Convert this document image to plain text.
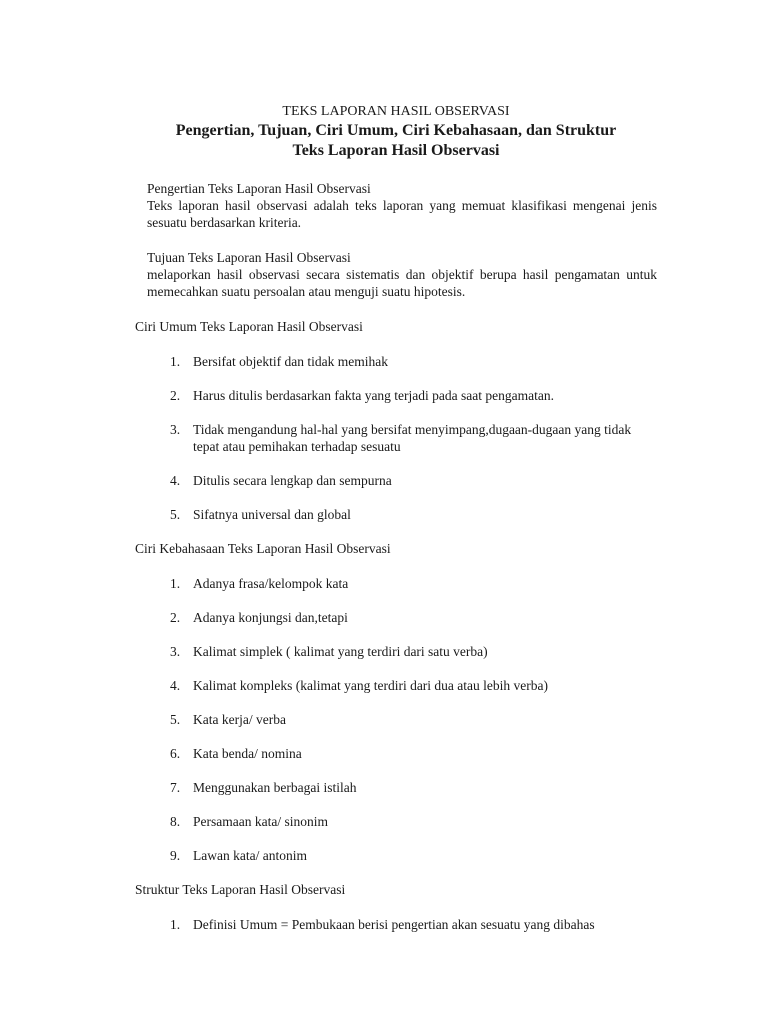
TEKS LAPORAN HASIL OBSERVASI

Pengertian, Tujuan, Ciri Umum, Ciri Kebahasaan, dan Struktur

Teks Laporan Hasil Observasi

Pengertian Teks Laporan Hasil Observasi

Teks laporan hasil observasi adalah teks laporan yang memuat klasifikasi mengenai jenis sesuatu berdasarkan kriteria.

Tujuan Teks Laporan Hasil Observasi

melaporkan hasil observasi secara sistematis dan objektif berupa hasil pengamatan untuk memecahkan suatu persoalan atau menguji suatu hipotesis.

Ciri Umum Teks Laporan Hasil Observasi

1. Bersifat objektif dan tidak memihak
2. Harus ditulis berdasarkan fakta yang terjadi pada saat pengamatan.
3. Tidak mengandung hal-hal yang bersifat menyimpang,dugaan-dugaan yang tidak tepat atau pemihakan terhadap sesuatu
4. Ditulis secara lengkap dan sempurna
5. Sifatnya universal dan global

Ciri Kebahasaan Teks Laporan Hasil Observasi

1. Adanya frasa/kelompok kata
2. Adanya konjungsi dan,tetapi
3. Kalimat simplek ( kalimat yang terdiri dari satu verba)
4. Kalimat kompleks (kalimat yang terdiri dari dua atau lebih verba)
5. Kata kerja/ verba
6. Kata benda/ nomina
7. Menggunakan berbagai istilah
8. Persamaan kata/ sinonim
9. Lawan kata/ antonim

Struktur Teks Laporan Hasil Observasi

1. Definisi Umum = Pembukaan berisi pengertian akan sesuatu yang dibahas
